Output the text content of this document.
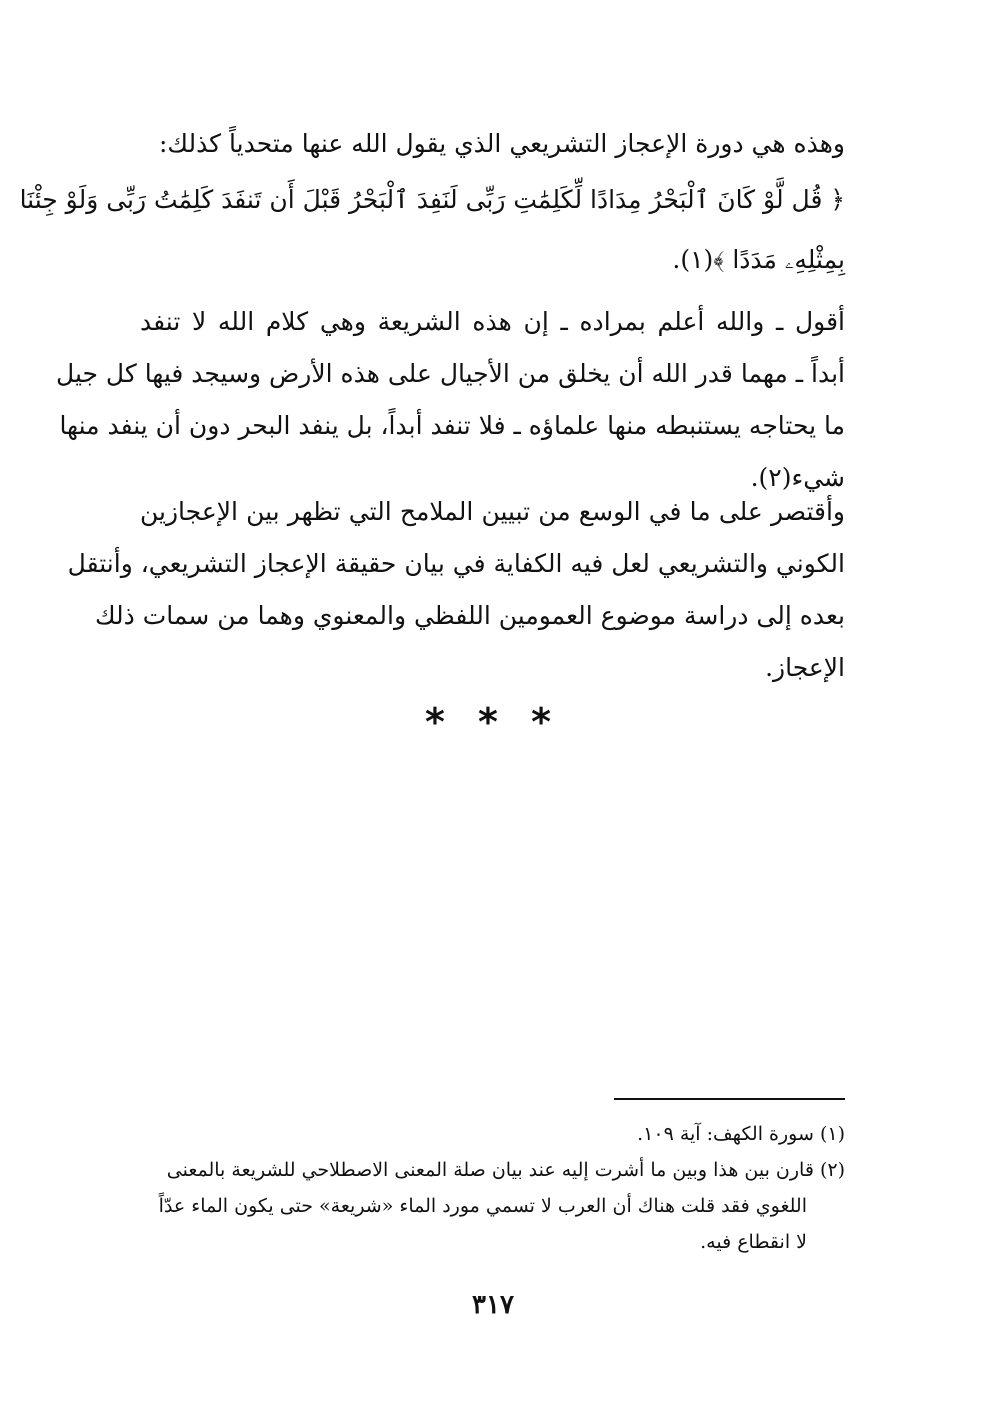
وهذه هي دورة الإعجاز التشريعي الذي يقول الله عنها متحدياً كذلك:
﴿ قُل لَّوْ كَانَ ٱلْبَحْرُ مِدَادًا لِّكَلِمَٰتِ رَبِّى لَنَفِدَ ٱلْبَحْرُ قَبْلَ أَن تَنفَدَ كَلِمَٰتُ رَبِّى وَلَوْ جِئْنَا
بِمِثْلِهِۦ مَدَدًا ﴾(١).
أقول ـ والله أعلم بمراده ـ إن هذه الشريعة وهي كلام الله لا تنفد
أبداً ـ مهما قدر الله أن يخلق من الأجيال على هذه الأرض وسيجد فيها كل جيل
ما يحتاجه يستنبطه منها علماؤه ـ فلا تنفد أبداً، بل ينفد البحر دون أن ينفد منها
شيء(٢).
وأقتصر على ما في الوسع من تبيين الملامح التي تظهر بين الإعجازين
الكوني والتشريعي لعل فيه الكفاية في بيان حقيقة الإعجاز التشريعي، وأنتقل
بعده إلى دراسة موضوع العمومين اللفظي والمعنوي وهما من سمات ذلك
الإعجاز.
* * *
(١) سورة الكهف: آية ١٠٩.
(٢) قارن بين هذا وبين ما أشرت إليه عند بيان صلة المعنى الاصطلاحي للشريعة بالمعنى
اللغوي فقد قلت هناك أن العرب لا تسمي مورد الماء «شريعة» حتى يكون الماء عدّاً
لا انقطاع فيه.
٣١٧
